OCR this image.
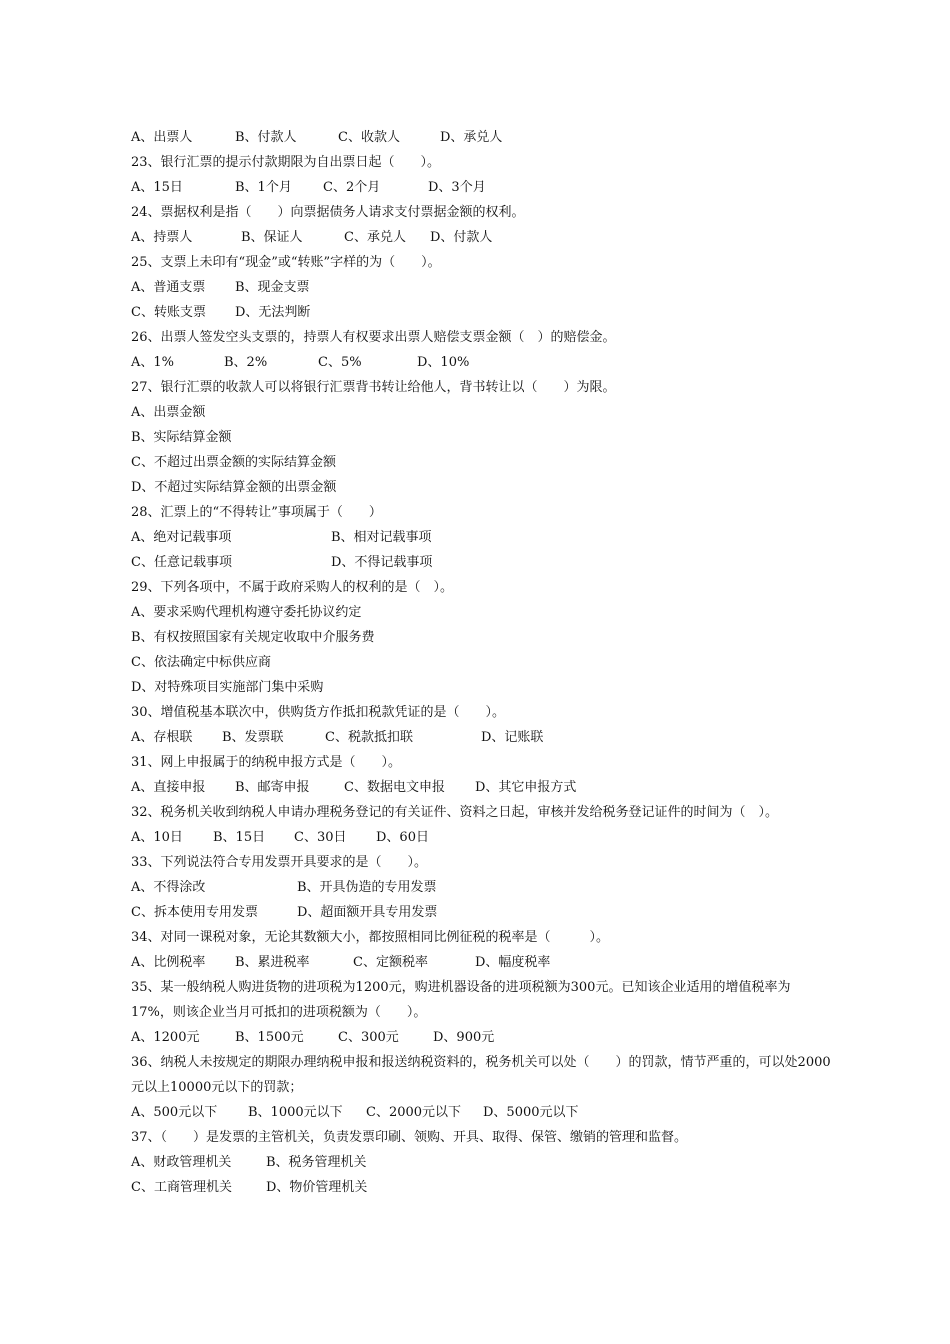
A、出票人	B、付款人	C、收款人	D、承兑人
23、银行汇票的提示付款期限为自出票日起（　　）。
A、15日	B、1个月 C、2个月	D、3个月
24、票据权利是指（　　）向票据债务人请求支付票据金额的权利。
A、持票人	B、保证人	C、承兑人 D、付款人
25、支票上未印有“现金”或“转账”字样的为（　　）。
A、普通支票 B、现金支票
C、转账支票 D、无法判断
26、出票人签发空头支票的，持票人有权要求出票人赔偿支票金额（　）的赔偿金。
A、1%	B、2%	C、5%	D、10%
27、银行汇票的收款人可以将银行汇票背书转让给他人，背书转让以（　　）为限。
A、出票金额
B、实际结算金额
C、不超过出票金额的实际结算金额
D、不超过实际结算金额的出票金额
28、汇票上的“不得转让”事项属于（　　）
A、绝对记载事项	B、相对记载事项
C、任意记载事项	D、不得记载事项
29、下列各项中，不属于政府采购人的权利的是（　）。
A、要求采购代理机构遵守委托协议约定
B、有权按照国家有关规定收取中介服务费
C、依法确定中标供应商
D、对特殊项目实施部门集中采购
30、增值税基本联次中，供购货方作抵扣税款凭证的是（　　）。
A、存根联 B、发票联	C、税款抵扣联	D、记账联
31、网上申报属于的纳税申报方式是（　　）。
A、直接申报 B、邮寄申报	C、数据电文申报 D、其它申报方式
32、税务机关收到纳税人申请办理税务登记的有关证件、资料之日起，审核并发给税务登记证件的时间为（　）。
A、10日 B、15日 C、30日 D、60日
33、下列说法符合专用发票开具要求的是（　　）。
A、不得涂改	B、开具伪造的专用发票
C、拆本使用专用发票	D、超面额开具专用发票
34、对同一课税对象，无论其数额大小，都按照相同比例征税的税率是（　　　）。
A、比例税率 B、累进税率	C、定额税率	D、幅度税率
35、某一般纳税人购进货物的进项税为1200元，购进机器设备的进项税额为300元。已知该企业适用的增值税率为17%，则该企业当月可抵扣的进项税额为（　　）。
A、1200元	B、1500元	C、300元	D、900元
36、纳税人未按规定的期限办理纳税申报和报送纳税资料的，税务机关可以处（　　）的罚款，情节严重的，可以处2000元以上10000元以下的罚款；
A、500元以下 B、1000元以下 C、2000元以下 D、5000元以下
37、（　　）是发票的主管机关，负责发票印刷、领购、开具、取得、保管、缴销的管理和监督。
A、财政管理机关	B、税务管理机关
C、工商管理机关	D、物价管理机关
